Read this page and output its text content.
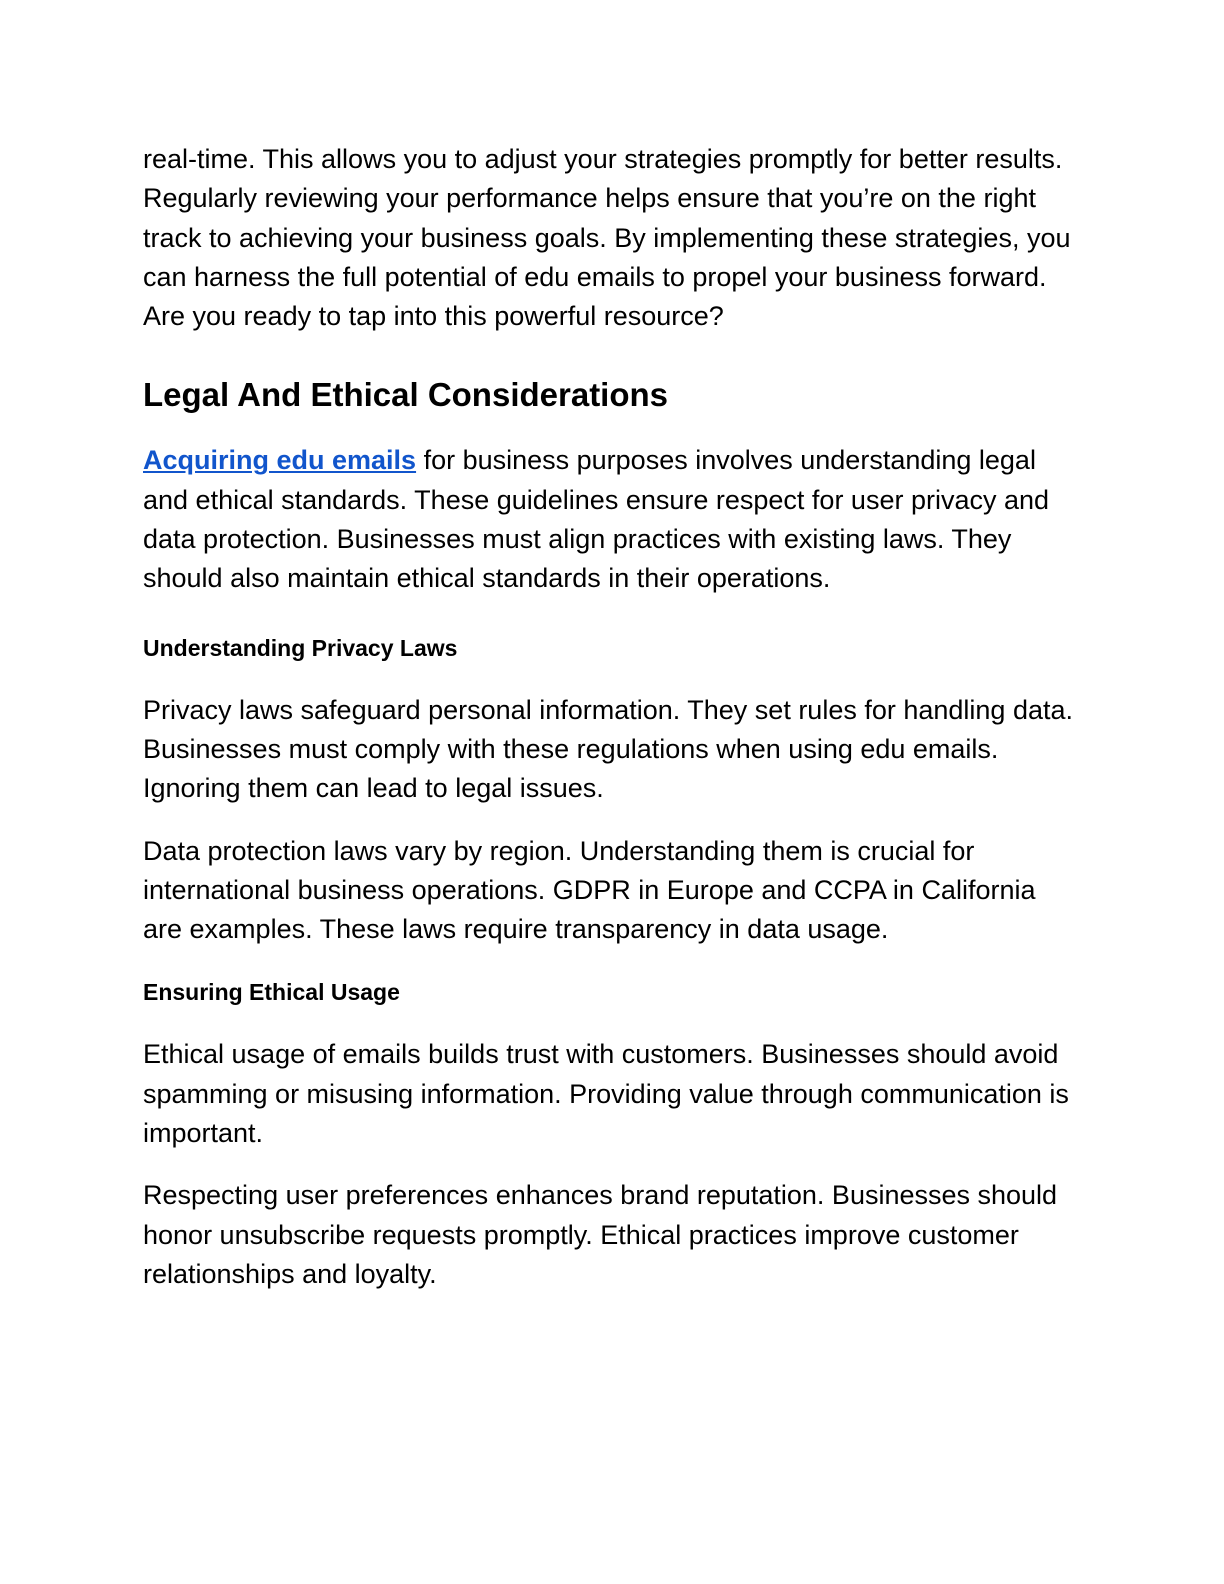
real-time. This allows you to adjust your strategies promptly for better results. Regularly reviewing your performance helps ensure that you’re on the right track to achieving your business goals. By implementing these strategies, you can harness the full potential of edu emails to propel your business forward. Are you ready to tap into this powerful resource?

Legal And Ethical Considerations

Acquiring edu emails for business purposes involves understanding legal and ethical standards. These guidelines ensure respect for user privacy and data protection. Businesses must align practices with existing laws. They should also maintain ethical standards in their operations.

Understanding Privacy Laws

Privacy laws safeguard personal information. They set rules for handling data. Businesses must comply with these regulations when using edu emails. Ignoring them can lead to legal issues.

Data protection laws vary by region. Understanding them is crucial for international business operations. GDPR in Europe and CCPA in California are examples. These laws require transparency in data usage.

Ensuring Ethical Usage

Ethical usage of emails builds trust with customers. Businesses should avoid spamming or misusing information. Providing value through communication is important.

Respecting user preferences enhances brand reputation. Businesses should honor unsubscribe requests promptly. Ethical practices improve customer relationships and loyalty.
